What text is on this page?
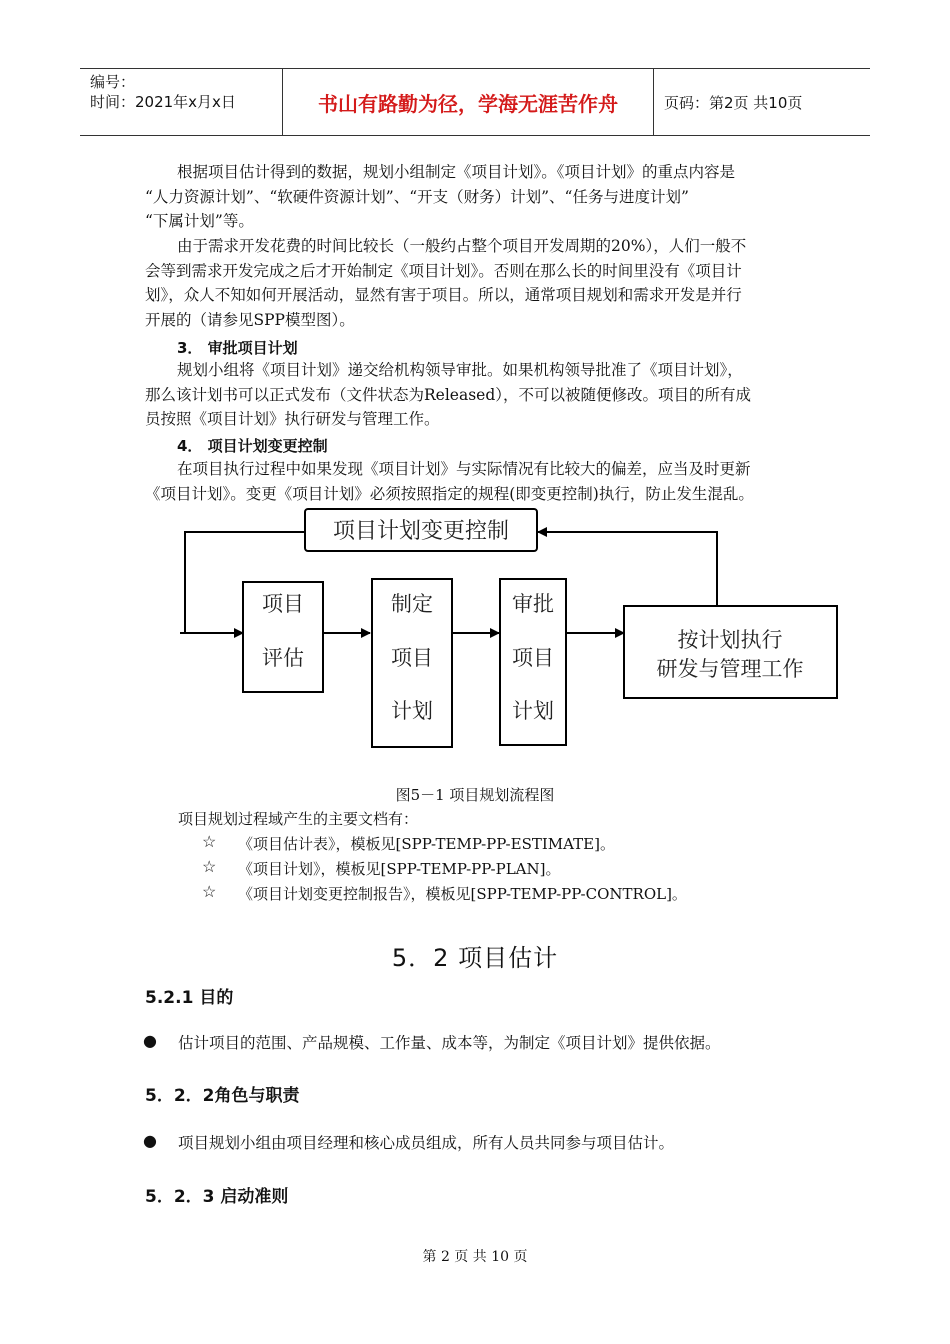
编号：
时间：2021年x月x日	书山有路勤为径，学海无涯苦作舟	页码：第2页 共10页
根据项目估计得到的数据，规划小组制定《项目计划》。《项目计划》的重点内容是
“人力资源计划”、“软硬件资源计划”、“开支（财务）计划”、“任务与进度计划”
“下属计划”等。
由于需求开发花费的时间比较长（一般约占整个项目开发周期的20%），人们一般不
会等到需求开发完成之后才开始制定《项目计划》。否则在那么长的时间里没有《项目计
划》，众人不知如何开展活动，显然有害于项目。所以，通常项目规划和需求开发是并行
开展的（请参见SPP模型图）。
3． 审批项目计划
规划小组将《项目计划》递交给机构领导审批。如果机构领导批准了《项目计划》，
那么该计划书可以正式发布（文件状态为Released），不可以被随便修改。项目的所有成
员按照《项目计划》执行研发与管理工作。
4． 项目计划变更控制
在项目执行过程中如果发现《项目计划》与实际情况有比较大的偏差，应当及时更新
《项目计划》。变更《项目计划》必须按照指定的规程(即变更控制)执行，防止发生混乱。
项目计划变更控制
项目
评估
制定
项目
计划
审批
项目
计划
按计划执行
研发与管理工作
图5－1 项目规划流程图
项目规划过程域产生的主要文档有：
☆ 《项目估计表》，模板见[SPP-TEMP-PP-ESTIMATE]。
☆ 《项目计划》，模板见[SPP-TEMP-PP-PLAN]。
☆ 《项目计划变更控制报告》，模板见[SPP-TEMP-PP-CONTROL]。
5．2 项目估计
5.2.1 目的
● 估计项目的范围、产品规模、工作量、成本等，为制定《项目计划》提供依据。
5．2．2角色与职责
● 项目规划小组由项目经理和核心成员组成，所有人员共同参与项目估计。
5．2．3 启动准则
第 2 页 共 10 页
